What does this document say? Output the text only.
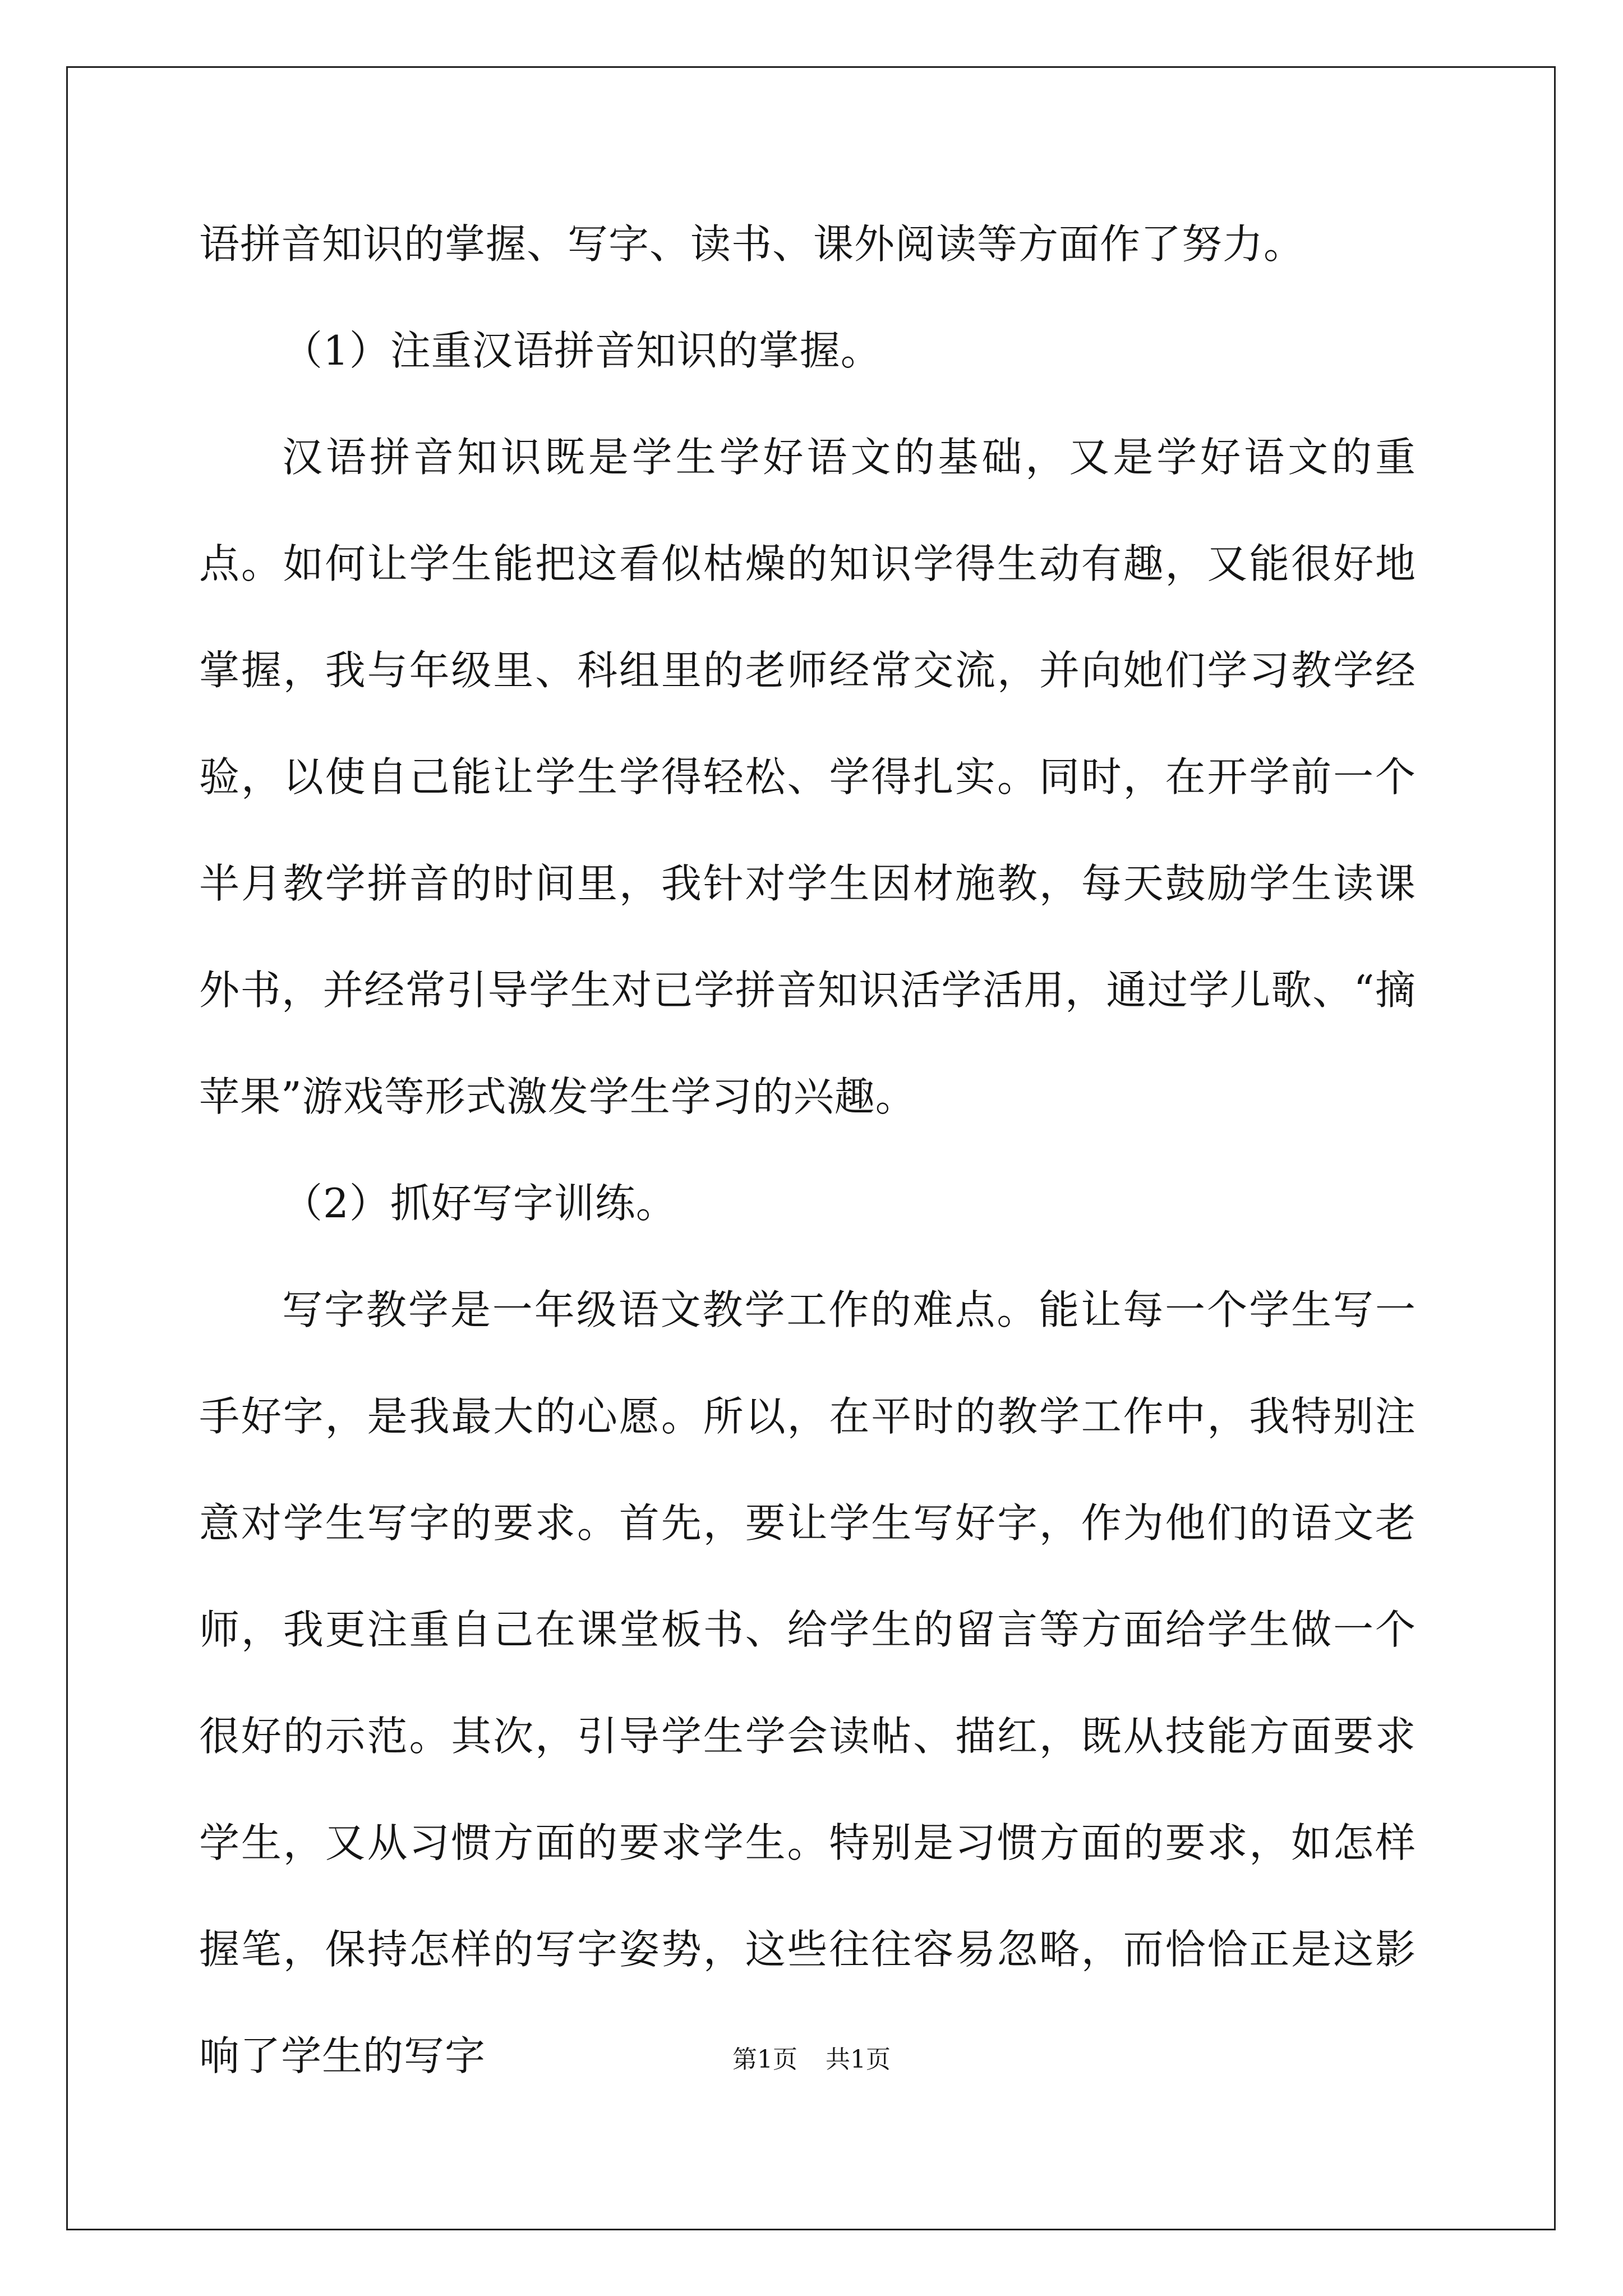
语拼音知识的掌握、写字、读书、课外阅读等方面作了努力。

（1）注重汉语拼音知识的掌握。

汉语拼音知识既是学生学好语文的基础，又是学好语文的重点。如何让学生能把这看似枯燥的知识学得生动有趣，又能很好地掌握，我与年级里、科组里的老师经常交流，并向她们学习教学经验，以使自己能让学生学得轻松、学得扎实。同时，在开学前一个半月教学拼音的时间里，我针对学生因材施教，每天鼓励学生读课外书，并经常引导学生对已学拼音知识活学活用，通过学儿歌、“摘苹果”游戏等形式激发学生学习的兴趣。

（2）抓好写字训练。

写字教学是一年级语文教学工作的难点。能让每一个学生写一手好字，是我最大的心愿。所以，在平时的教学工作中，我特别注意对学生写字的要求。首先，要让学生写好字，作为他们的语文老师，我更注重自己在课堂板书、给学生的留言等方面给学生做一个很好的示范。其次，引导学生学会读帖、描红，既从技能方面要求学生，又从习惯方面的要求学生。特别是习惯方面的要求，如怎样握笔，保持怎样的写字姿势，这些往往容易忽略，而恰恰正是这影响了学生的写字	第1页 共1页
